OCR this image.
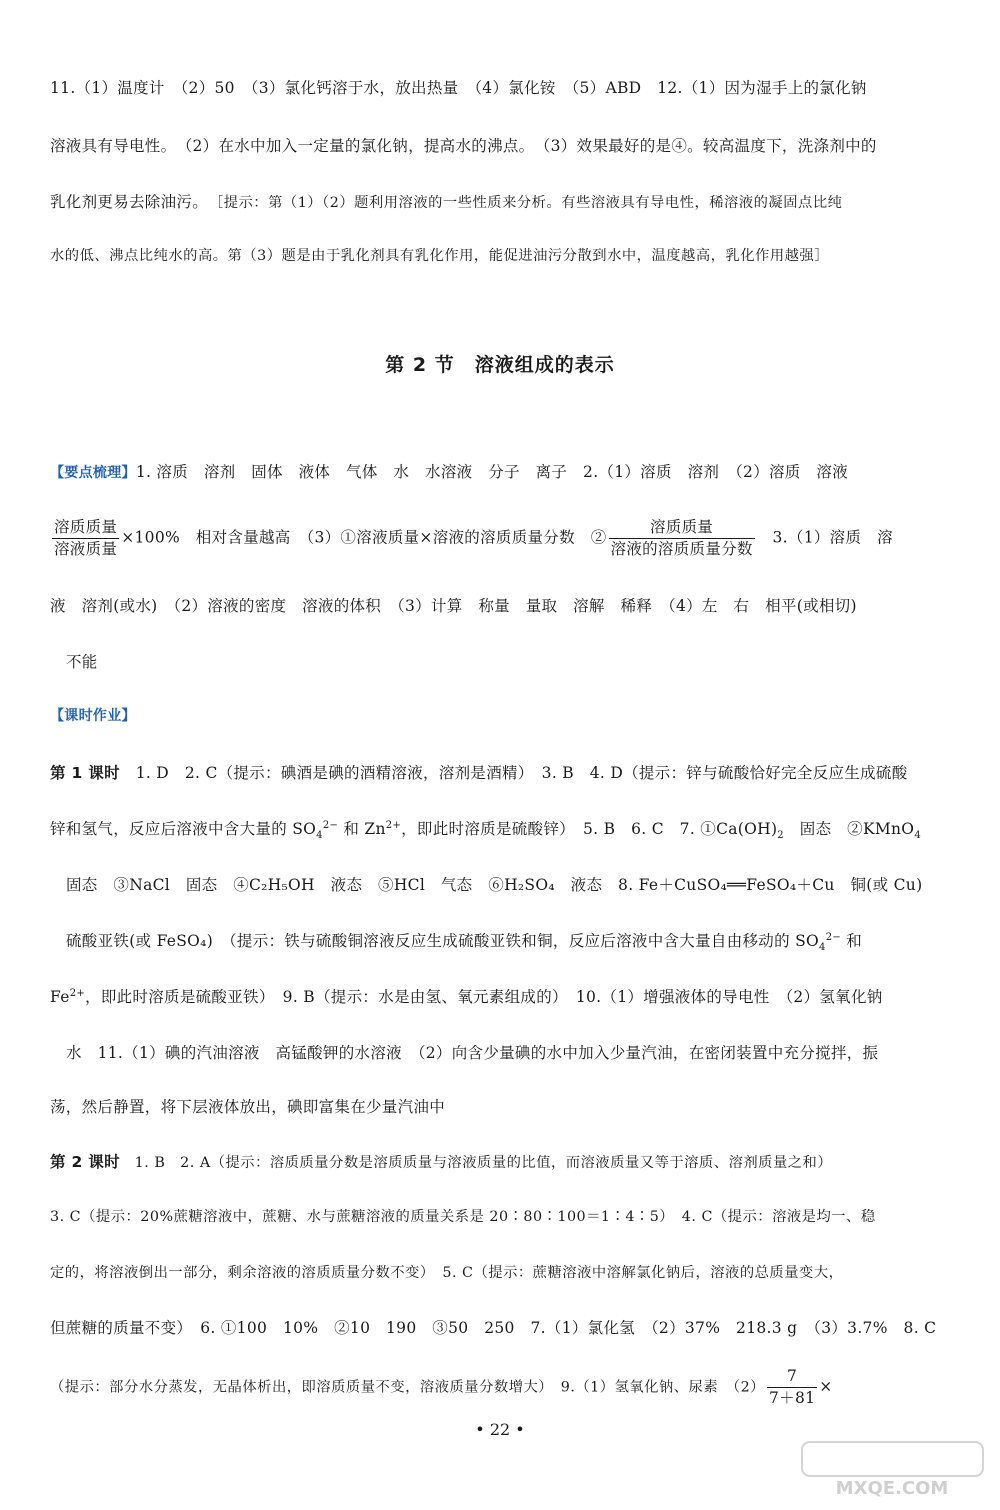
11.（1）温度计　（2）50　（3）氯化钙溶于水，放出热量　（4）氯化铵　（5）ABD　12.（1）因为湿手上的氯化钠
溶液具有导电性。　（2）在水中加入一定量的氯化钠，提高水的沸点。　（3）效果最好的是④。较高温度下，洗涤剂中的
乳化剂更易去除油污。　［提示：第（1）（2）题利用溶液的一些性质来分析。有些溶液具有导电性，稀溶液的凝固点比纯
水的低、沸点比纯水的高。第（3）题是由于乳化剂具有乳化作用，能促进油污分散到水中，温度越高，乳化作用越强］
第 2 节　溶液组成的表示
【要点梳理】1. 溶质　溶剂　固体　液体　气体　水　水溶液　分子　离子　2.（1）溶质　溶剂　（2）溶质　溶液
$\frac{\text{溶质质量}}{\text{溶液质量}} \times 100\%$　相对含量越高　（3）①溶液质量×溶液的溶质质量分数　② $\frac{\text{溶质质量}}{\text{溶液的溶质质量分数}}$ 　3.（1）溶质　溶
液　溶剂(或水)　（2）溶液的密度　溶液的体积　（3）计算　称量　量取　溶解　稀释　（4）左　右　相平(或相切)
不能
【课时作业】
第 1 课时　1. D　2. C（提示：碘酒是碘的酒精溶液，溶剂是酒精）　3. B　4. D（提示：锌与硫酸恰好完全反应生成硫酸
锌和氢气，反应后溶液中含大量的 $SO_4^{2-}$ 和 $Zn^{2+}$，即此时溶质是硫酸锌）　5. B　6. C　7. $①Ca(OH)_2$　固态　②KMnO$_4$
固态　③NaCl　固态　④C₂H₅OH　液态　⑤HCl　气态　⑥H₂SO₄　液态　8. Fe＋CuSO₄══FeSO₄＋Cu　铜(或 Cu)
硫酸亚铁(或 FeSO₄)　（提示：铁与硫酸铜溶液反应生成硫酸亚铁和铜，反应后溶液中含大量自由移动的 $SO_4^{2-}$ 和
$Fe^{2+}$，即此时溶质是硫酸亚铁）　9. B（提示：水是由氢、氧元素组成的）　10.（1）增强液体的导电性　（2）氢氧化钠
水　11.（1）碘的汽油溶液　高锰酸钾的水溶液　（2）向含少量碘的水中加入少量汽油，在密闭装置中充分搅拌，振
荡，然后静置，将下层液体放出，碘即富集在少量汽油中
第 2 课时　1. B　2. A（提示：溶质质量分数是溶质质量与溶液质量的比值，而溶液质量又等于溶质、溶剂质量之和）
3. C（提示：20%蔗糖溶液中，蔗糖、水与蔗糖溶液的质量关系是 20∶80∶100＝1∶4∶5）　4. C（提示：溶液是均一、稳
定的，将溶液倒出一部分，剩余溶液的溶质质量分数不变）　5. C（提示：蔗糖溶液中溶解氯化钠后，溶液的总质量变大，
但蔗糖的质量不变）　6. ①100　10%　②10　190　③50　250　7.（1）氯化氢　（2）37%　218.3 g　（3）3.7%　8. C
（提示：部分水分蒸发，无晶体析出，即溶质质量不变，溶液质量分数增大）　9.（1）氢氧化钠、尿素　$(2) \frac{7}{7+81}$ ×
• 22 •
MXQE.COM
